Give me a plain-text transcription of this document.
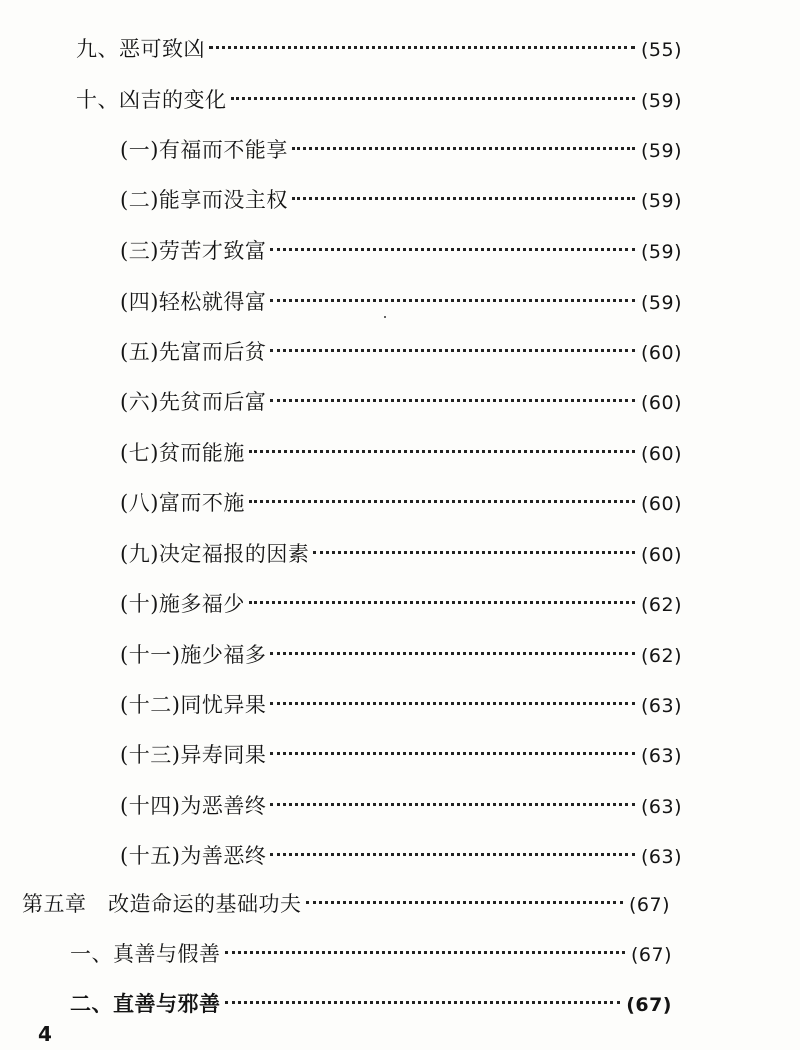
九、恶可致凶	(55)
十、凶吉的变化	(59)
(一)有福而不能享	(59)
(二)能享而没主权	(59)
(三)劳苦才致富	(59)
(四)轻松就得富	(59)
(五)先富而后贫	(60)
(六)先贫而后富	(60)
(七)贫而能施	(60)
(八)富而不施	(60)
(九)决定福报的因素	(60)
(十)施多福少	(62)
(十一)施少福多	(62)
(十二)同忧异果	(63)
(十三)异寿同果	(63)
(十四)为恶善终	(63)
(十五)为善恶终	(63)
第五章　改造命运的基础功夫	(67)
一、真善与假善	(67)
二、直善与邪善	(67)
4
